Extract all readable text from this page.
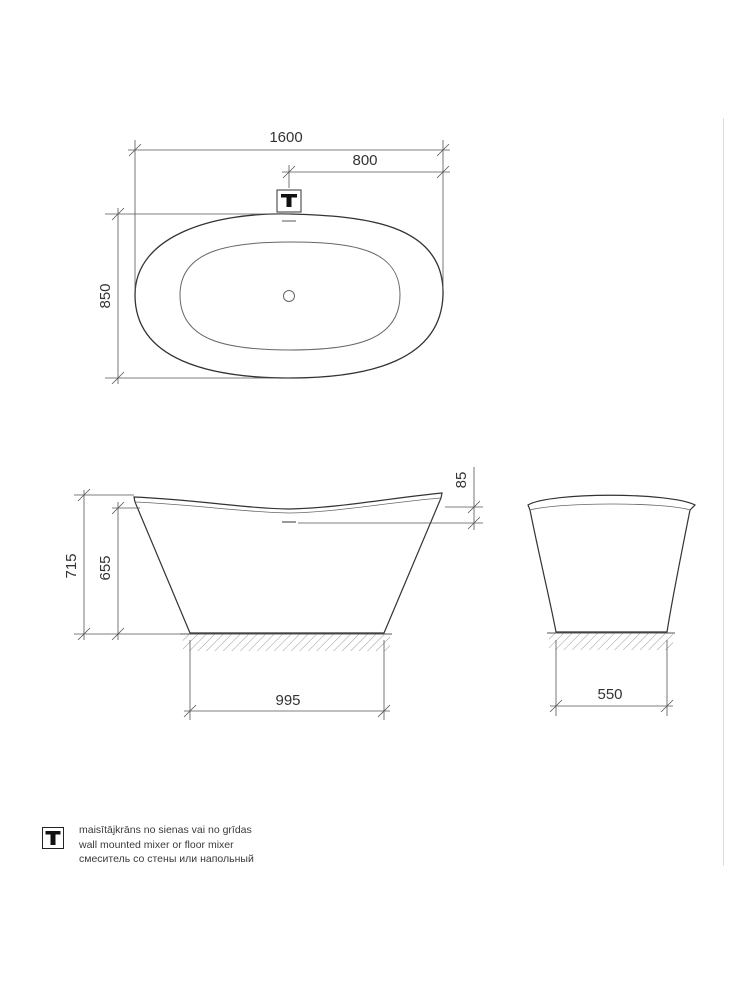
1600
800
850
85
715 655
995	550
maisītājkrāns no sienas vai no grīdas
wall mounted mixer or floor mixer
смеситель со стены или напольный
